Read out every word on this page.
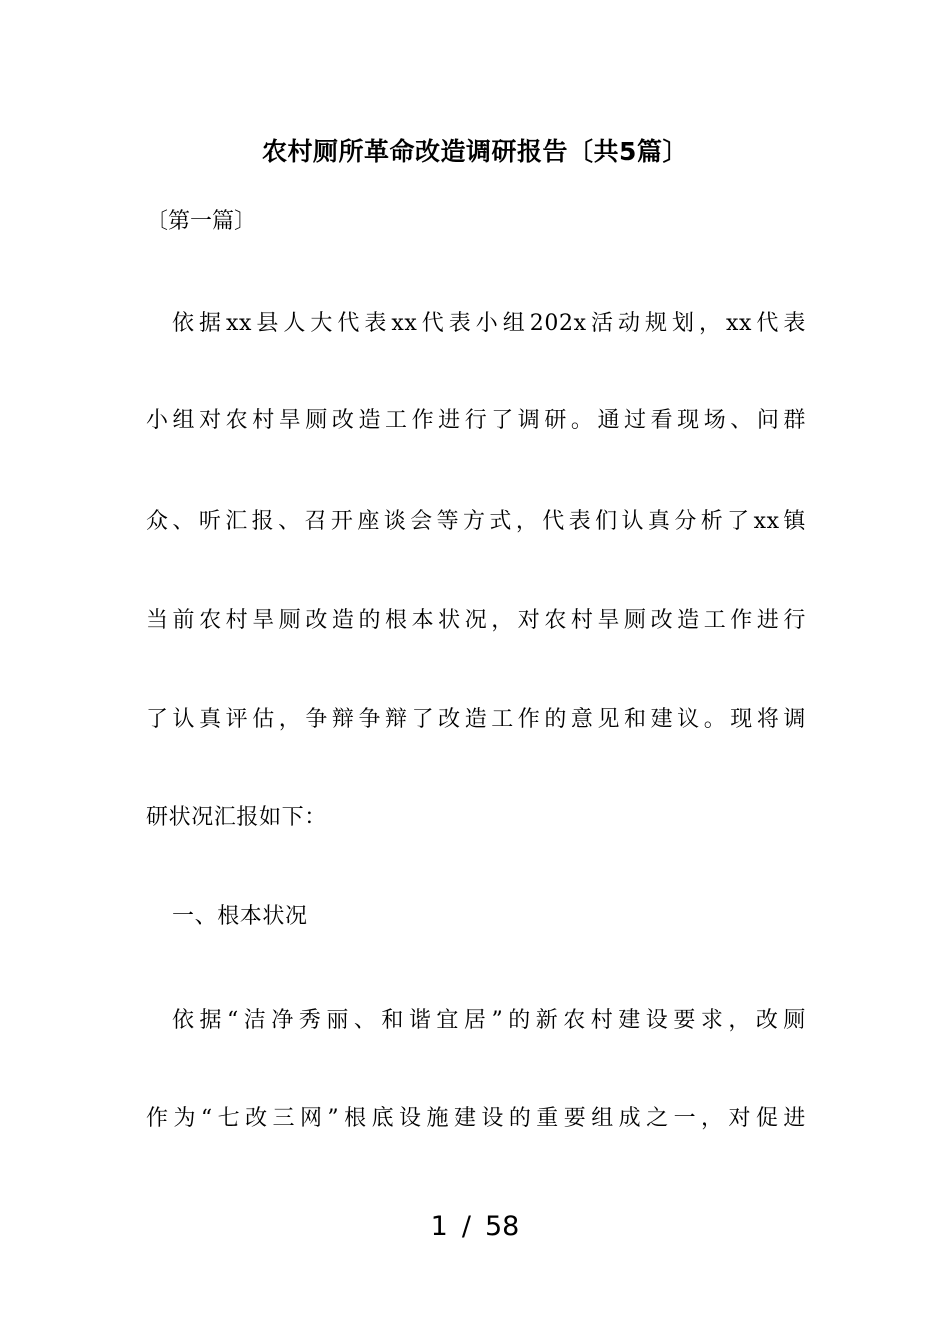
农村厕所革命改造调研报告〔共5篇〕
〔第一篇〕
依据xx县人大代表xx代表小组202x活动规划，xx代表
小组对农村旱厕改造工作进行了调研。通过看现场、问群
众、听汇报、召开座谈会等方式，代表们认真分析了xx镇
当前农村旱厕改造的根本状况，对农村旱厕改造工作进行
了认真评估，争辩争辩了改造工作的意见和建议。现将调
研状况汇报如下：
一、根本状况
依据“洁净秀丽、和谐宜居”的新农村建设要求，改厕
作为“七改三网”根底设施建设的重要组成之一，对促进
1 / 58
